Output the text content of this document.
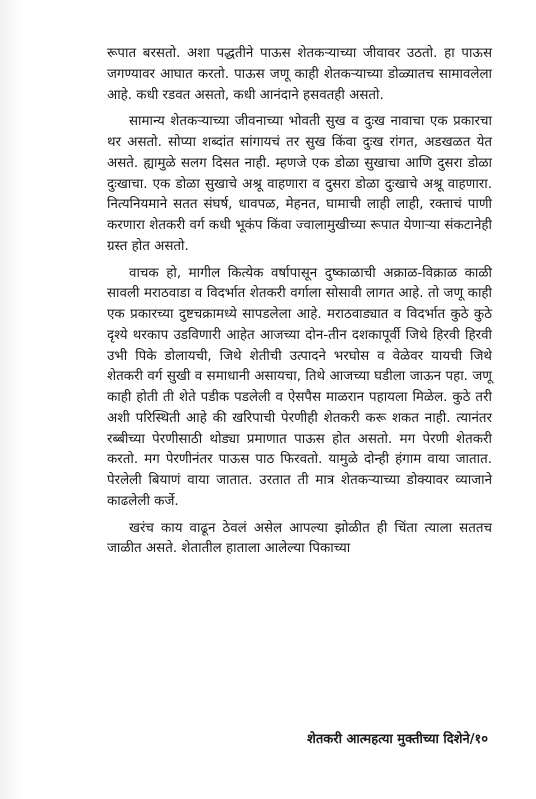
रूपात बरसतो. अशा पद्धतीने पाऊस शेतकऱ्याच्या जीवावर उठतो. हा पाऊस जगण्यावर आघात करतो. पाऊस जणू काही शेतकऱ्याच्या डोळ्यातच सामावलेला आहे. कधी रडवत असतो, कधी आनंदाने हसवतही असतो.

सामान्य शेतकऱ्याच्या जीवनाच्या भोवती सुख व दुःख नावाचा एक प्रकारचा थर असतो. सोप्या शब्दांत सांगायचं तर सुख किंवा दुःख रांगत, अडखळत येत असते. ह्यामुळे सलग दिसत नाही. म्हणजे एक डोळा सुखाचा आणि दुसरा डोळा दुःखाचा. एक डोळा सुखाचे अश्रू वाहणारा व दुसरा डोळा दुःखाचे अश्रू वाहणारा. नित्यनियमाने सतत संघर्ष, धावपळ, मेहनत, घामाची लाही लाही, रक्ताचं पाणी करणारा शेतकरी वर्ग कधी भूकंप किंवा ज्वालामुखीच्या रूपात येणाऱ्या संकटानेही ग्रस्त होत असतो.

वाचक हो, मागील कित्येक वर्षापासून दुष्काळाची अक्राळ-विक्राळ काळी सावली मराठवाडा व विदर्भात शेतकरी वर्गाला सोसावी लागत आहे. तो जणू काही एक प्रकारच्या दुष्टचक्रामध्ये सापडलेला आहे. मराठवाड्यात व विदर्भात कुठे कुठे दृश्ये थरकाप उडविणारी आहेत आजच्या दोन-तीन दशकापूर्वी जिथे हिरवी हिरवी उभी पिके डोलायची, जिथे शेतीची उत्पादने भरघोस व वेळेवर यायची जिथे शेतकरी वर्ग सुखी व समाधानी असायचा, तिथे आजच्या घडीला जाऊन पहा. जणू काही होती ती शेते पडीक पडलेली व ऐसपैस माळरान पहायला मिळेल. कुठे तरी अशी परिस्थिती आहे की खरिपाची पेरणीही शेतकरी करू शकत नाही. त्यानंतर रब्बीच्या पेरणीसाठी थोड्या प्रमाणात पाऊस होत असतो. मग पेरणी शेतकरी करतो. मग पेरणीनंतर पाऊस पाठ फिरवतो. यामुळे दोन्ही हंगाम वाया जातात. पेरलेली बियाणं वाया जातात. उरतात ती मात्र शेतकऱ्याच्या डोक्यावर व्याजाने काढलेली कर्जे.

खरंच काय वाढून ठेवलं असेल आपल्या झोळीत ही चिंता त्याला सततच जाळीत असते. शेतातील हाताला आलेल्या पिकाच्या

शेतकरी आत्महत्या मुक्तीच्या दिशेने/१०
